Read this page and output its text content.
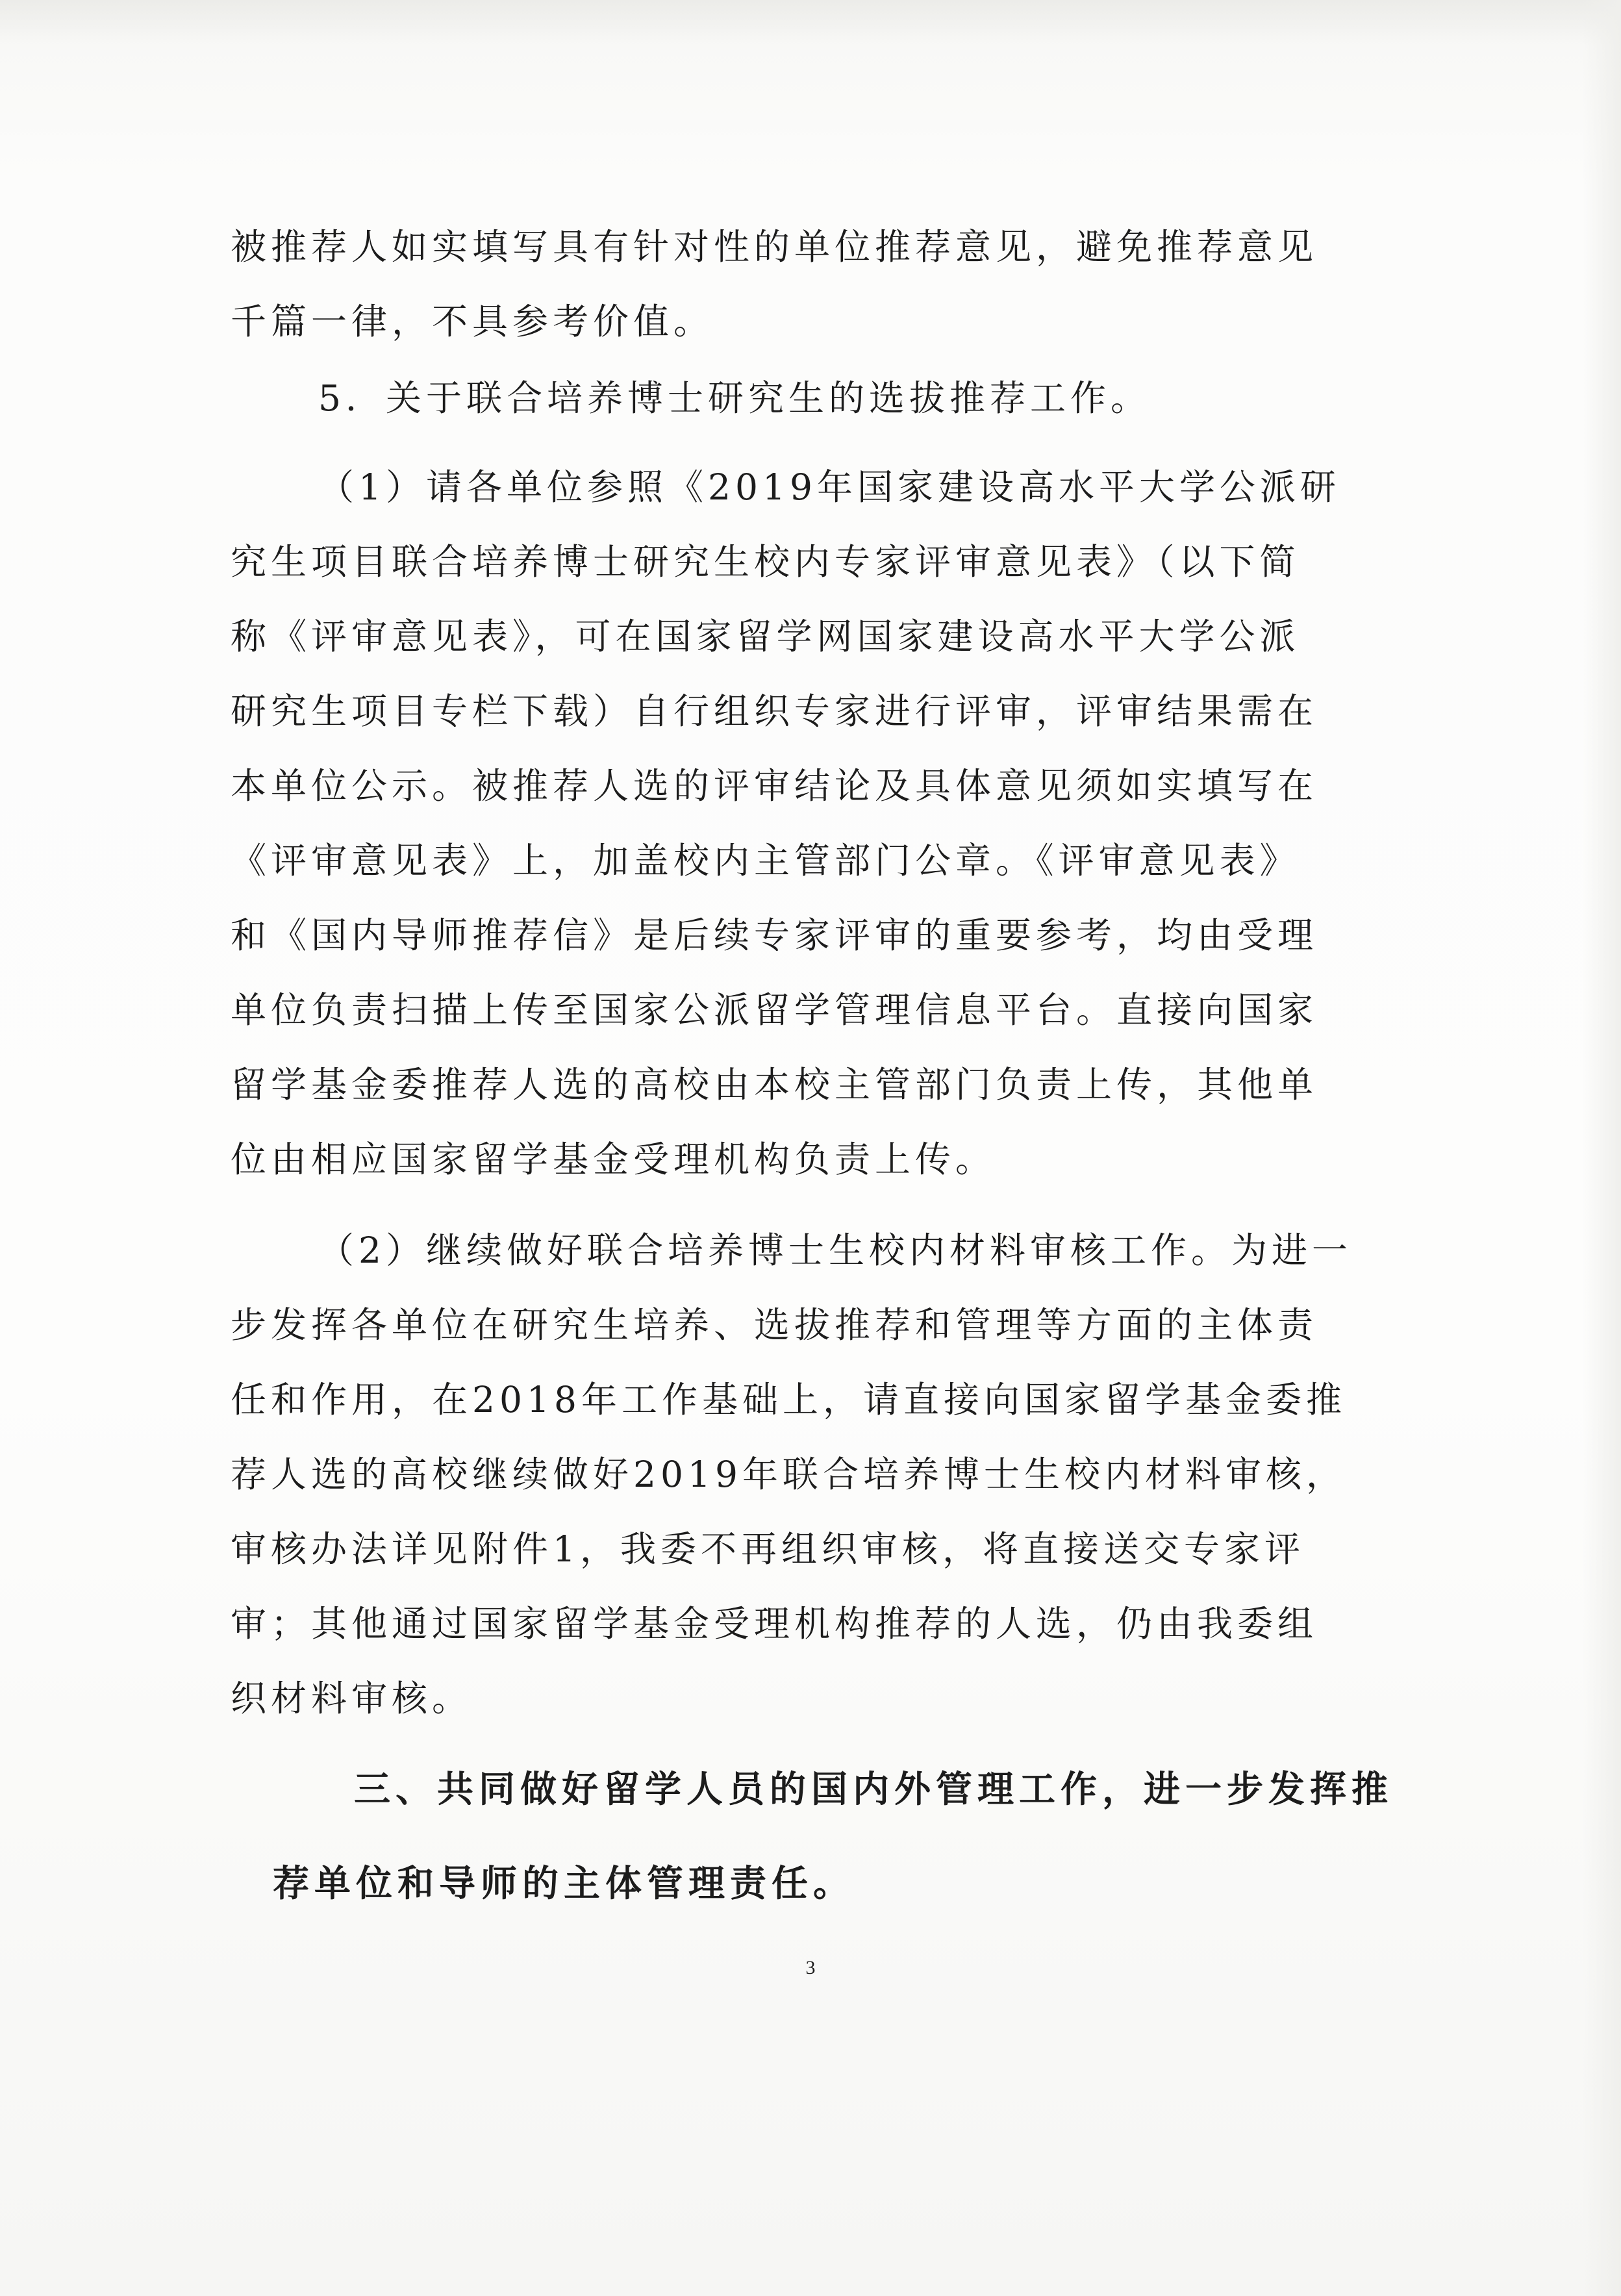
被推荐人如实填写具有针对性的单位推荐意见，避免推荐意见
千篇一律，不具参考价值。
5．关于联合培养博士研究生的选拔推荐工作。
（1）请各单位参照《2019年国家建设高水平大学公派研
究生项目联合培养博士研究生校内专家评审意见表》（以下简
称《评审意见表》，可在国家留学网国家建设高水平大学公派
研究生项目专栏下载）自行组织专家进行评审，评审结果需在
本单位公示。被推荐人选的评审结论及具体意见须如实填写在
《评审意见表》上，加盖校内主管部门公章。《评审意见表》
和《国内导师推荐信》是后续专家评审的重要参考，均由受理
单位负责扫描上传至国家公派留学管理信息平台。直接向国家
留学基金委推荐人选的高校由本校主管部门负责上传，其他单
位由相应国家留学基金受理机构负责上传。
（2）继续做好联合培养博士生校内材料审核工作。为进一
步发挥各单位在研究生培养、选拔推荐和管理等方面的主体责
任和作用，在2018年工作基础上，请直接向国家留学基金委推
荐人选的高校继续做好2019年联合培养博士生校内材料审核，
审核办法详见附件1，我委不再组织审核，将直接送交专家评
审；其他通过国家留学基金受理机构推荐的人选，仍由我委组
织材料审核。
三、共同做好留学人员的国内外管理工作，进一步发挥推
荐单位和导师的主体管理责任。
3
